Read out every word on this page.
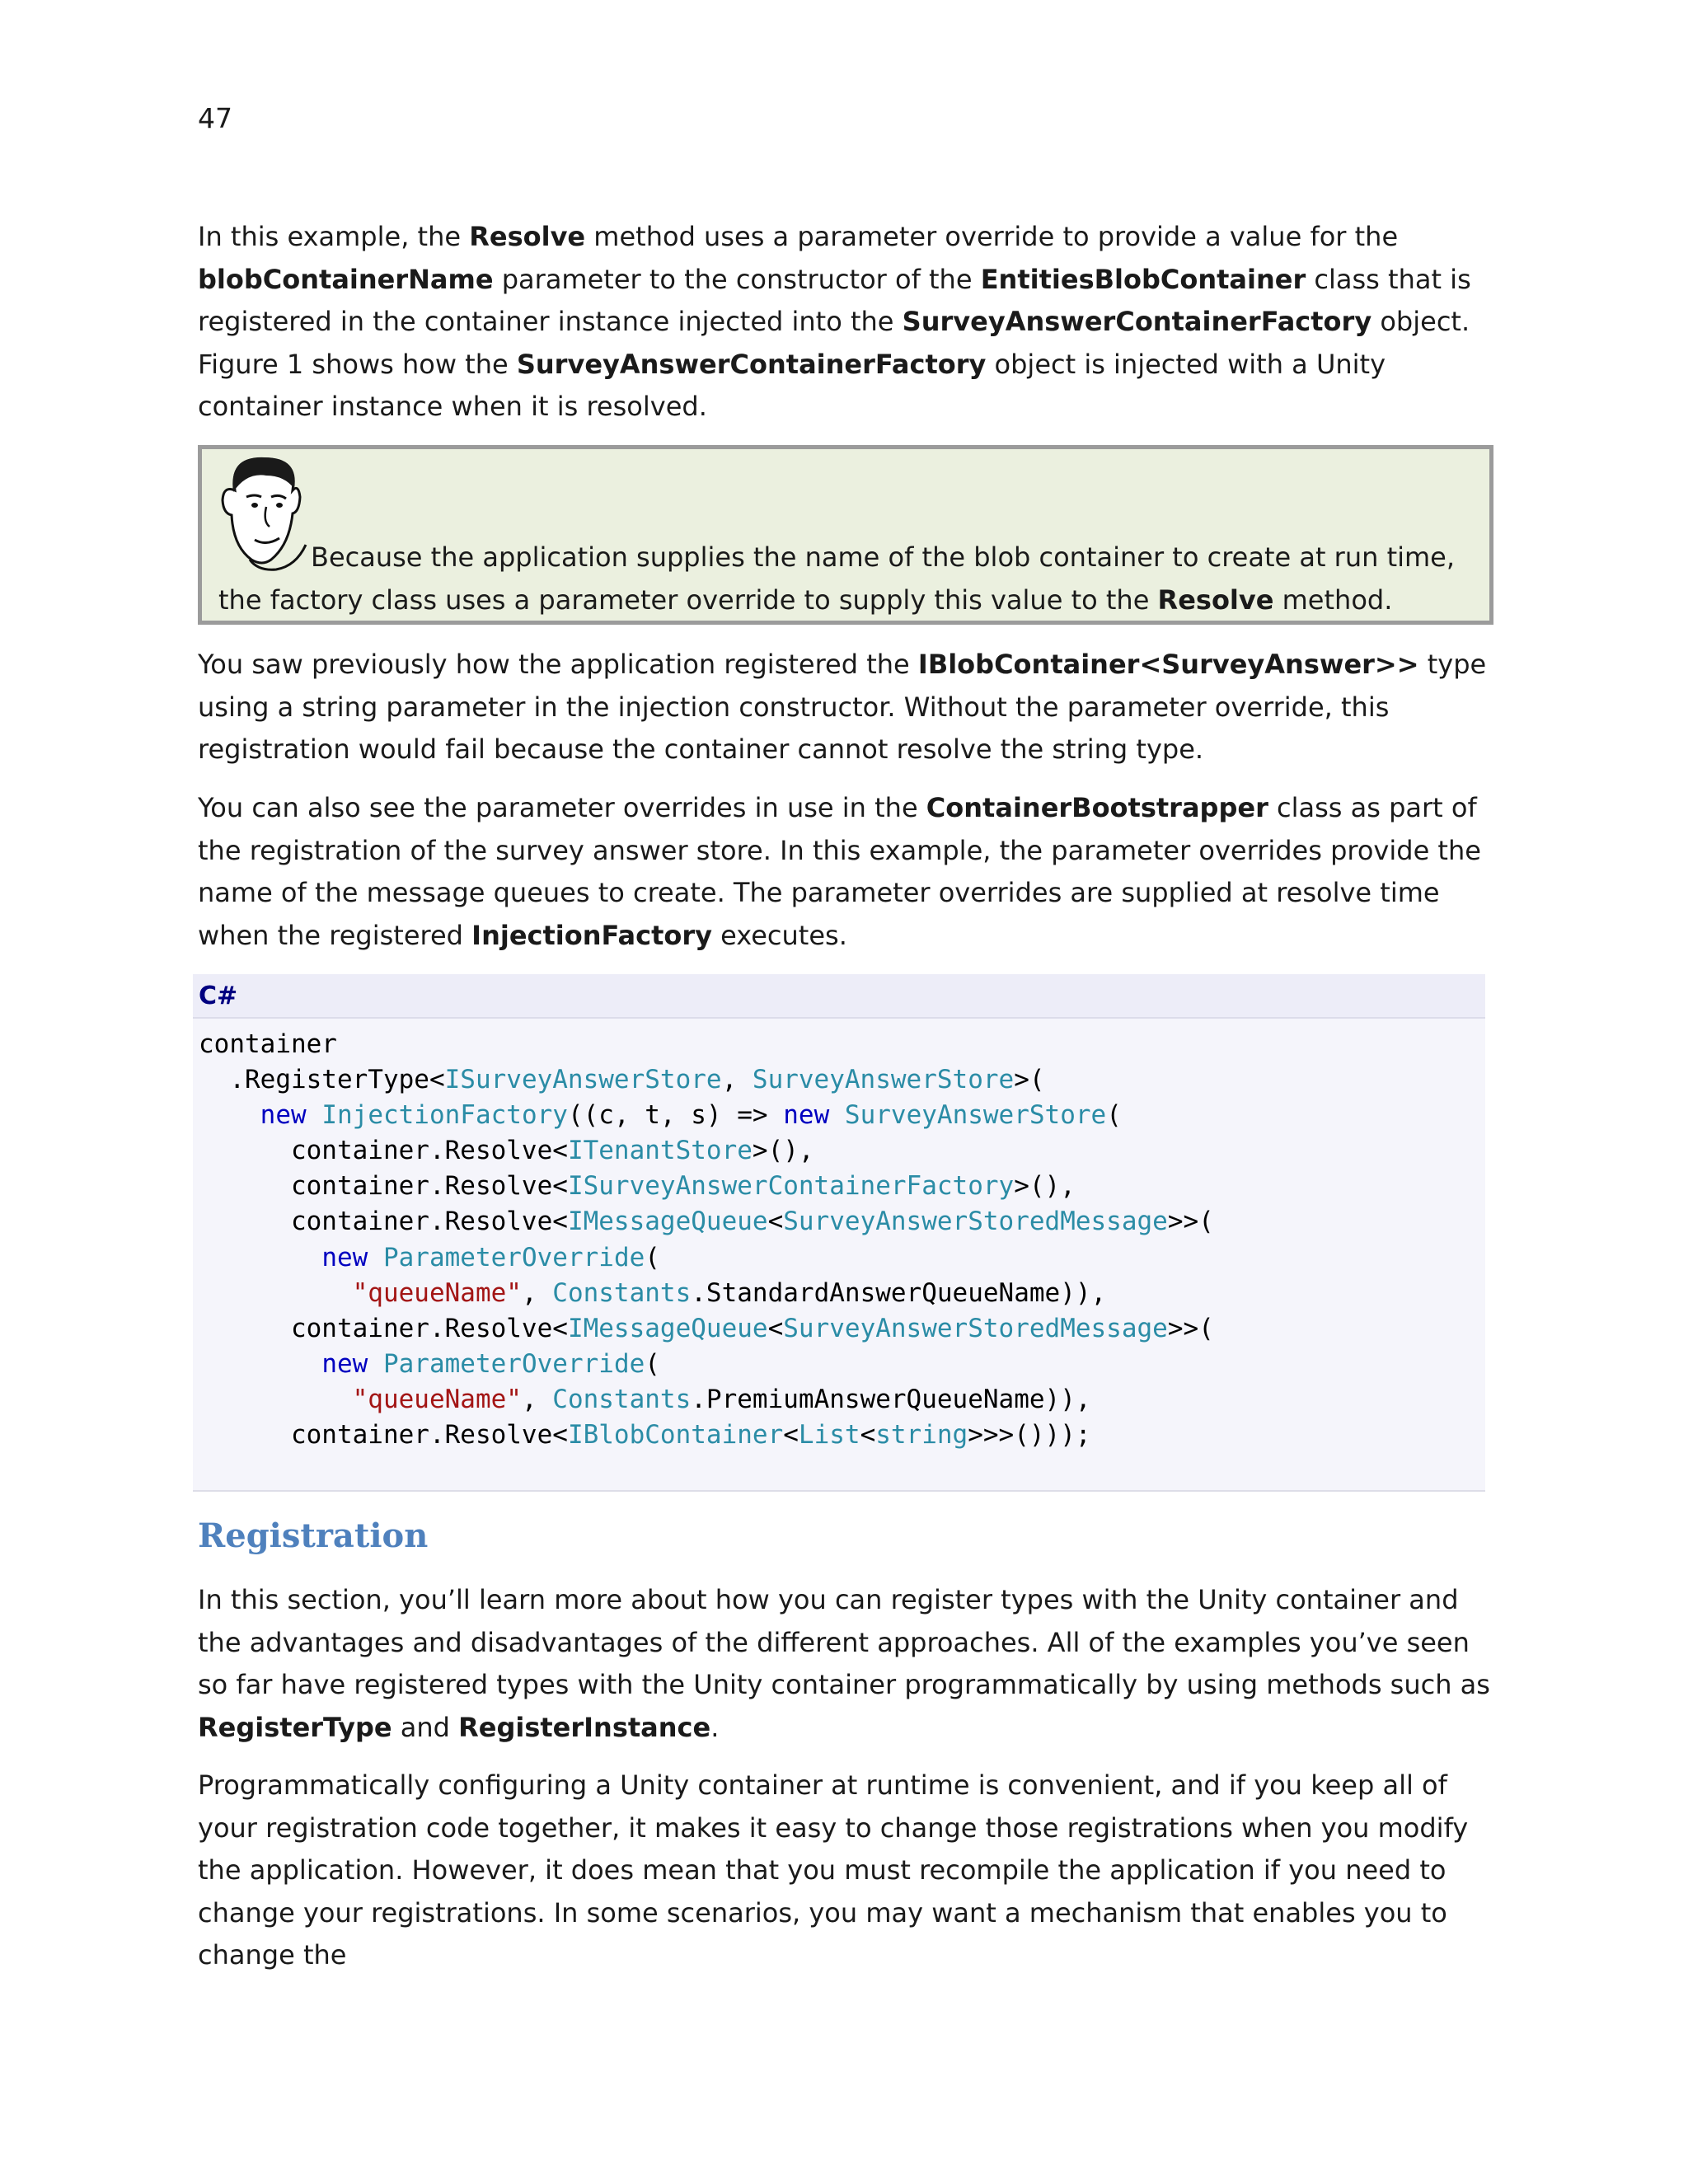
47

In this example, the Resolve method uses a parameter override to provide a value for the blobContainerName parameter to the constructor of the EntitiesBlobContainer class that is registered in the container instance injected into the SurveyAnswerContainerFactory object. Figure 1 shows how the SurveyAnswerContainerFactory object is injected with a Unity container instance when it is resolved.

Because the application supplies the name of the blob container to create at run time, the factory class uses a parameter override to supply this value to the Resolve method.

You saw previously how the application registered the IBlobContainer<SurveyAnswer>> type using a string parameter in the injection constructor. Without the parameter override, this registration would fail because the container cannot resolve the string type.

You can also see the parameter overrides in use in the ContainerBootstrapper class as part of the registration of the survey answer store. In this example, the parameter overrides provide the name of the message queues to create. The parameter overrides are supplied at resolve time when the registered InjectionFactory executes.

C#
container
.RegisterType<ISurveyAnswerStore, SurveyAnswerStore>(
new InjectionFactory((c, t, s) => new SurveyAnswerStore(
container.Resolve<ITenantStore>(),
container.Resolve<ISurveyAnswerContainerFactory>(),
container.Resolve<IMessageQueue<SurveyAnswerStoredMessage>>(
new ParameterOverride(
"queueName", Constants.StandardAnswerQueueName)),
container.Resolve<IMessageQueue<SurveyAnswerStoredMessage>>(
new ParameterOverride(
"queueName", Constants.PremiumAnswerQueueName)),
container.Resolve<IBlobContainer<List<string>>>()));
Registration

In this section, you’ll learn more about how you can register types with the Unity container and the advantages and disadvantages of the different approaches. All of the examples you’ve seen so far have registered types with the Unity container programmatically by using methods such as RegisterType and RegisterInstance.

Programmatically configuring a Unity container at runtime is convenient, and if you keep all of your registration code together, it makes it easy to change those registrations when you modify the application. However, it does mean that you must recompile the application if you need to change your registrations. In some scenarios, you may want a mechanism that enables you to change the
